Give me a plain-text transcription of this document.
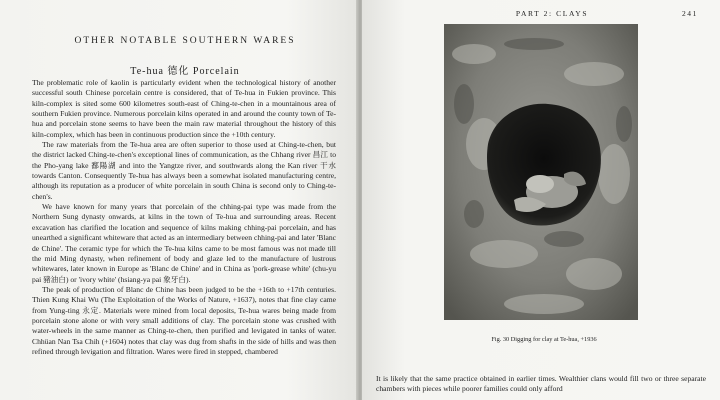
OTHER NOTABLE SOUTHERN WARES
Te-hua 德化 Porcelain

The problematic role of kaolin is particularly evident when the technological history of another successful south Chinese porcelain centre is considered, that of Te-hua in Fukien province. This kiln-complex is sited some 600 kilometres south-east of Ching-te-chen in a mountainous area of southern Fukien province. Numerous porcelain kilns operated in and around the county town of Te-hua and porcelain stone seems to have been the main raw material throughout the history of this kiln-complex, which has been in continuous production since the +10th century.

The raw materials from the Te-hua area are often superior to those used at Ching-te-chen, but the district lacked Ching-te-chen's exceptional lines of communication, as the Chhang river 昌江 to the Pho-yang lake 鄱陽湖 and into the Yangtze river, and southwards along the Kan river 干水 towards Canton. Consequently Te-hua has always been a somewhat isolated manufacturing centre, although its reputation as a producer of white porcelain in south China is second only to Ching-te-chen's.

We have known for many years that porcelain of the chhing-pai type was made from the Northern Sung dynasty onwards, at kilns in the town of Te-hua and surrounding areas. Recent excavation has clarified the location and sequence of kilns making chhing-pai porcelain, and has unearthed a significant whiteware that acted as an intermediary between chhing-pai and later 'Blanc de Chine'. The ceramic type for which the Te-hua kilns came to be most famous was not made till the mid Ming dynasty, when refinement of body and glaze led to the manufacture of lustrous whitewares, later known in Europe as 'Blanc de Chine' and in China as 'pork-grease white' (chu-yu pai 豬油白) or 'ivory white' (hsiang-ya pai 象牙白).

The peak of production of Blanc de Chine has been judged to be the +16th to +17th centuries. Thien Kung Khai Wu (The Exploitation of the Works of Nature, +1637), notes that fine clay came from Yung-ting 永定. Materials were mined from local deposits, Te-hua wares being made from porcelain stone alone or with very small additions of clay. The porcelain stone was crushed with water-wheels in the same manner as Ching-te-chen, then purified and levigated in tanks of water. Chhüan Nan Tsa Chih (+1604) notes that clay was dug from shafts in the side of hills and was then refined through levigation and filtration. Wares were fired in stepped, chambered

PART 2: CLAYS	241
Fig. 30 Digging for clay at Te-hua, +1936

It is likely that the same practice obtained in earlier times. Wealthier clans would fill two or three separate chambers with pieces while poorer families could only afford
